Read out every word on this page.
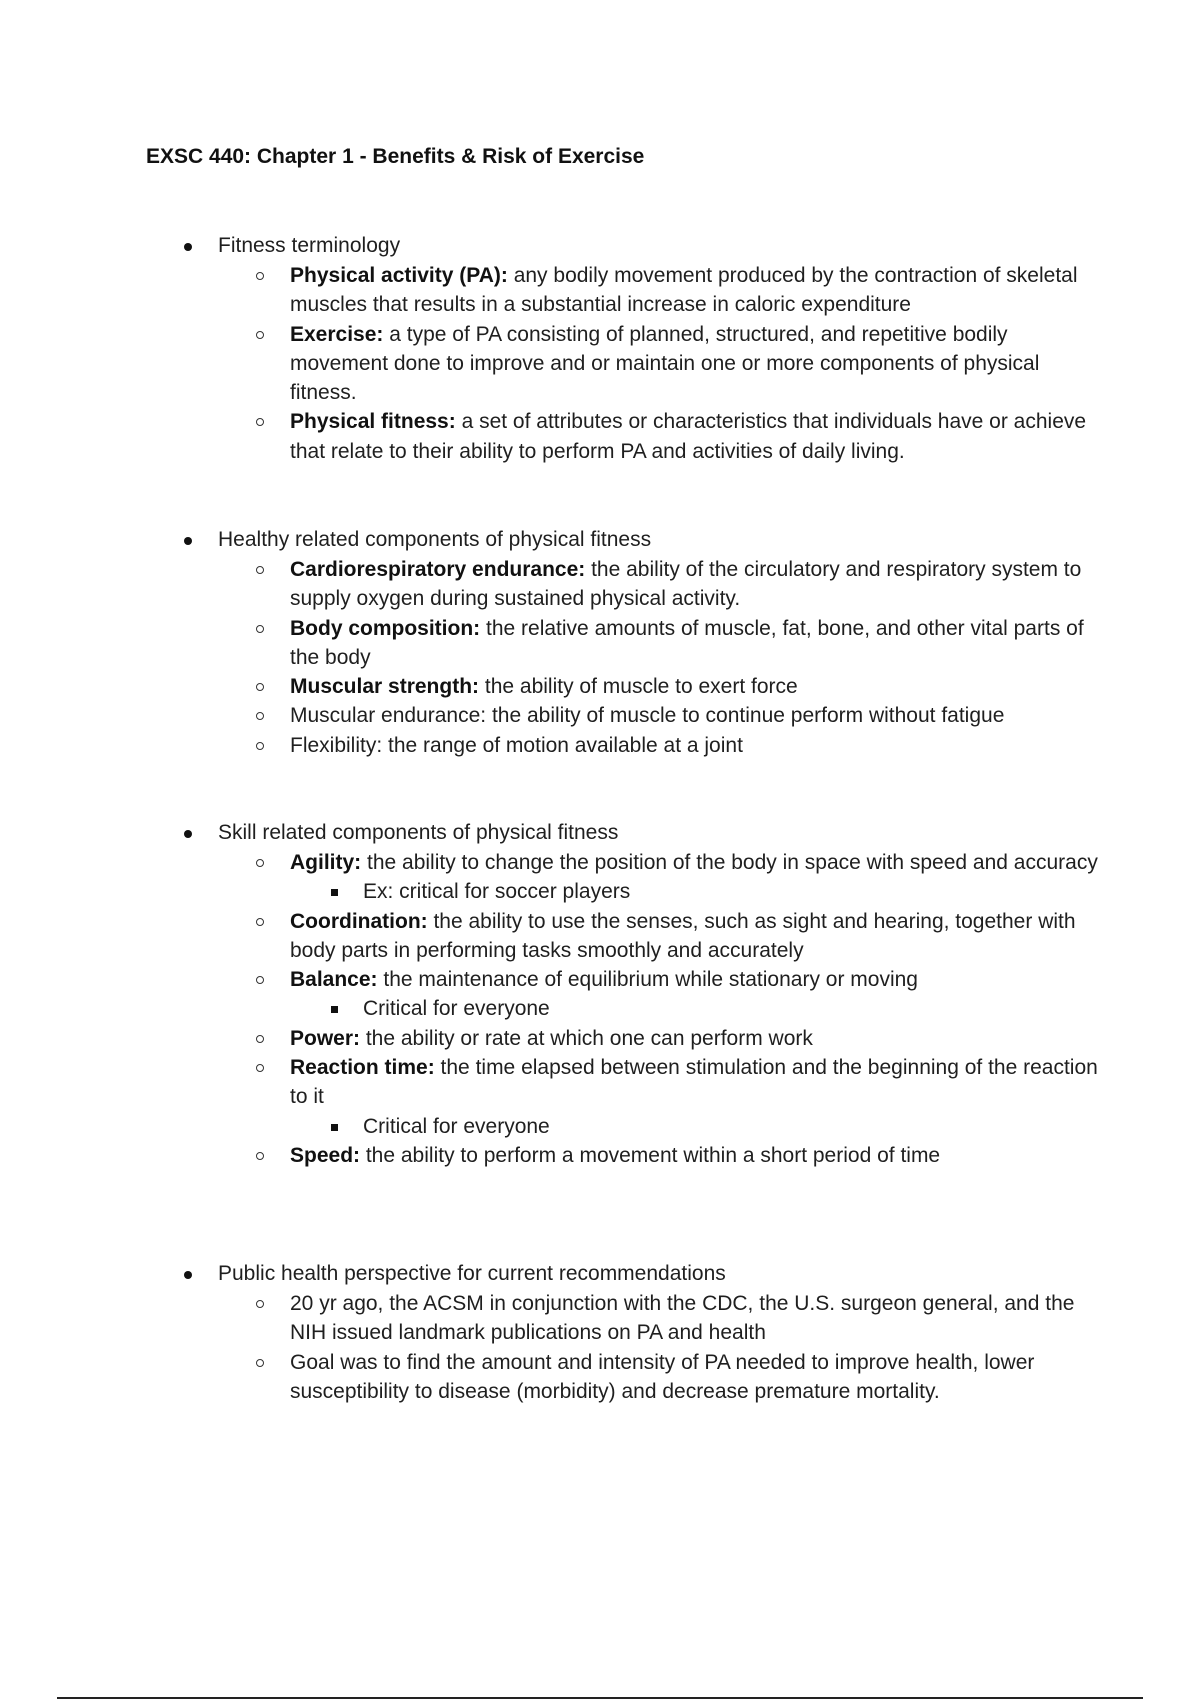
EXSC 440: Chapter 1 - Benefits & Risk of Exercise
Fitness terminology
Physical activity (PA): any bodily movement produced by the contraction of skeletal muscles that results in a substantial increase in caloric expenditure
Exercise: a type of PA consisting of planned, structured, and repetitive bodily movement done to improve and or maintain one or more components of physical fitness.
Physical fitness: a set of attributes or characteristics that individuals have or achieve that relate to their ability to perform PA and activities of daily living.
Healthy related components of physical fitness
Cardiorespiratory endurance: the ability of the circulatory and respiratory system to supply oxygen during sustained physical activity.
Body composition: the relative amounts of muscle, fat, bone, and other vital parts of the body
Muscular strength: the ability of muscle to exert force
Muscular endurance: the ability of muscle to continue perform without fatigue
Flexibility: the range of motion available at a joint
Skill related components of physical fitness
Agility: the ability to change the position of the body in space with speed and accuracy
Ex: critical for soccer players
Coordination: the ability to use the senses, such as sight and hearing, together with body parts in performing tasks smoothly and accurately
Balance: the maintenance of equilibrium while stationary or moving
Critical for everyone
Power: the ability or rate at which one can perform work
Reaction time: the time elapsed between stimulation and the beginning of the reaction to it
Critical for everyone
Speed: the ability to perform a movement within a short period of time
Public health perspective for current recommendations
20 yr ago, the ACSM in conjunction with the CDC, the U.S. surgeon general, and the NIH issued landmark publications on PA and health
Goal was to find the amount and intensity of PA needed to improve health, lower susceptibility to disease (morbidity) and decrease premature mortality.
